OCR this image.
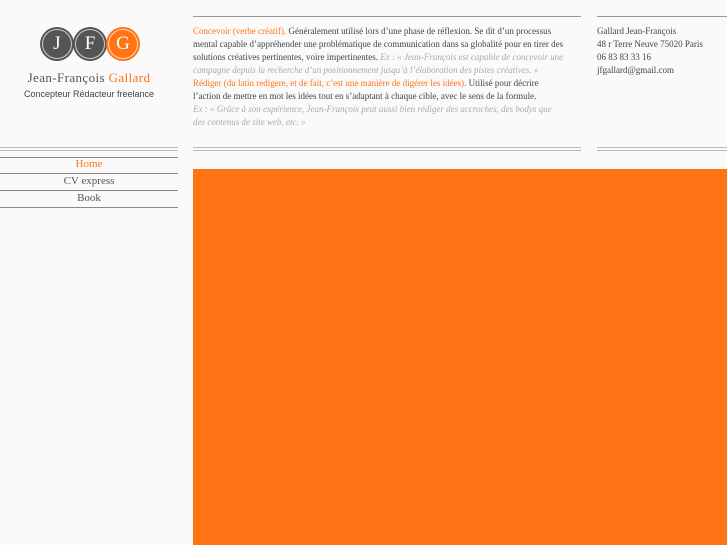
J	F	G
Jean-François Gallard
Concepteur Rédacteur freelance
Home
CV express
Book

Concevoir (verbe créatif). Généralement utilisé lors d’une phase de réflexion. Se dit d’un processus mental capable d’appréhender une problématique de communication dans sa globalité pour en tirer des solutions créatives pertinentes, voire impertinentes. Ex : « Jean-François est capable de concevoir une campagne depuis la recherche d’un positionnement jusqu’à l’élaboration des pistes créatives. »

Rédiger (du latin redigere, et de fait, c’est une manière de digérer les idées). Utilisé pour décrire l’action de mettre en mot les idées tout en s’adaptant à chaque cible, avec le sens de la formule.

Ex : « Grâce à son expérience, Jean-François peut aussi bien rédiger des accroches, des bodys que des contenus de site web, etc. »

Gallard Jean-François
48 r Terre Neuve 75020 Paris
06 83 83 33 16
jfgallard@gmail.com
